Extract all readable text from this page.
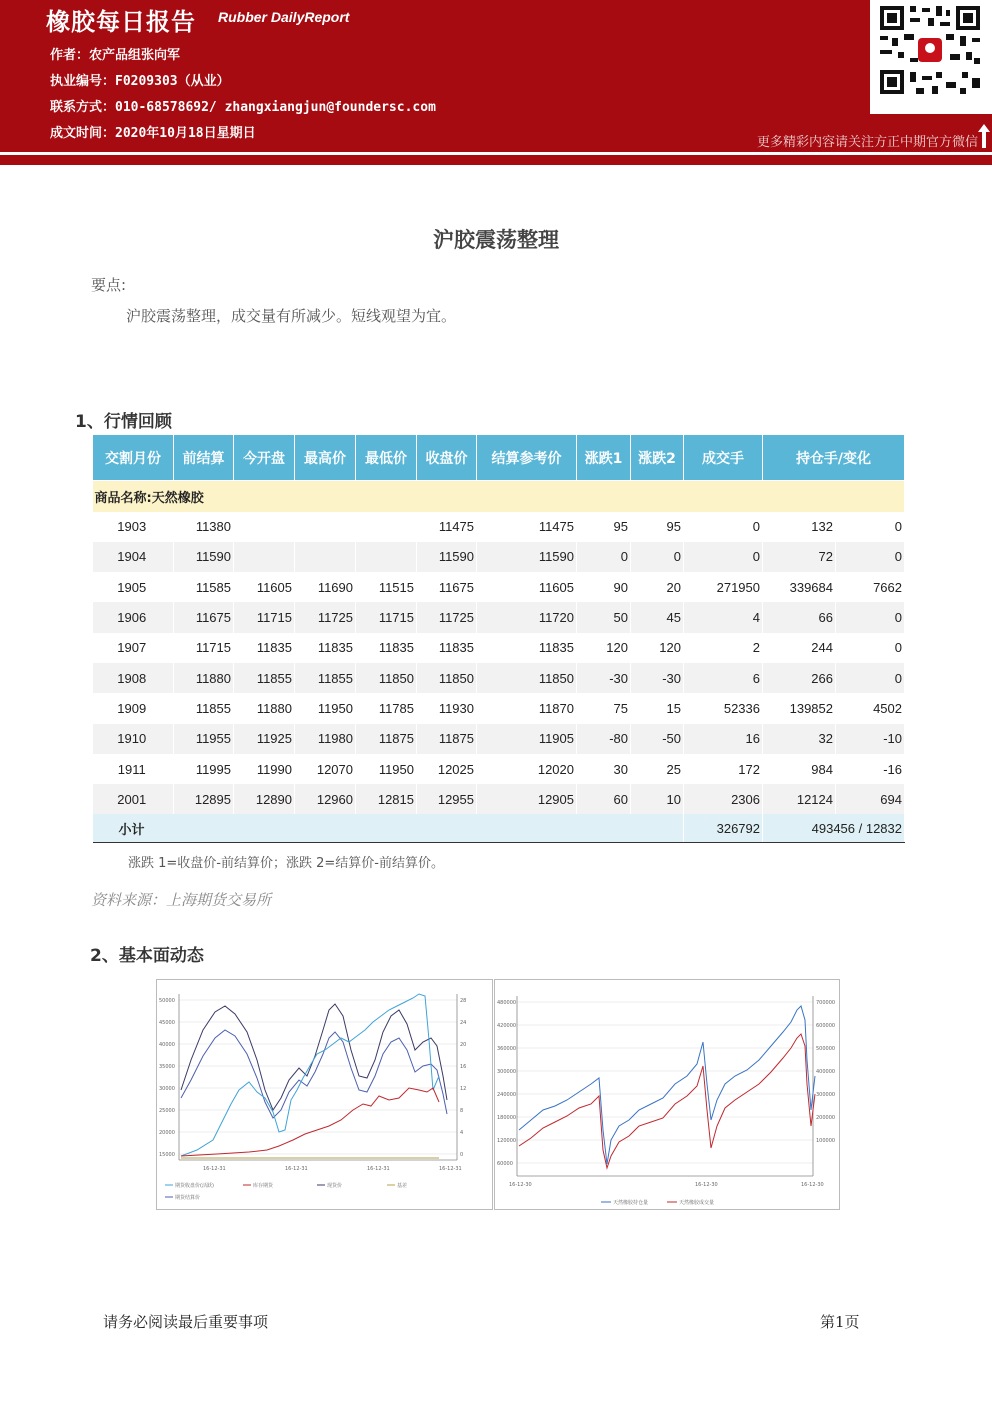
橡胶每日报告 Rubber DailyReport
作者：农产品组张向军
执业编号：F0209303（从业）
联系方式：010-68578692/ zhangxiangjun@foundersc.com
成文时间：2020年10月18日星期日
更多精彩内容请关注方正中期官方微信
沪胶震荡整理
要点:
沪胶震荡整理，成交量有所减少。短线观望为宜。
1、行情回顾
交割月份	前结算	今开盘	最高价	最低价	收盘价	结算参考价	涨跌1	涨跌2	成交手	持仓手/变化	
商品名称:天然橡胶											
1903	11380				11475	11475	95	95	0	132	0
1904	11590				11590	11590	0	0	0	72	0
1905	11585	11605	11690	11515	11675	11605	90	20	271950	339684	7662
1906	11675	11715	11725	11715	11725	11720	50	45	4	66	0
1907	11715	11835	11835	11835	11835	11835	120	120	2	244	0
1908	11880	11855	11855	11850	11850	11850	-30	-30	6	266	0
1909	11855	11880	11950	11785	11930	11870	75	15	52336	139852	4502
1910	11955	11925	11980	11875	11875	11905	-80	-50	16	32	-10
1911	11995	11990	12070	11950	12025	12020	30	25	172	984	-16
2001	12895	12890	12960	12815	12955	12905	60	10	2306	12124	694
小计									326792	493456 / 12832	
涨跌 1=收盘价-前结算价；涨跌 2=结算价-前结算价。
资料来源：上海期货交易所
2、基本面动态
50000
45000
40000
35000
30000
25000
20000
15000
28
24
20
16
12
8
4
0
16-12-31	16-12-31	16-12-31	16-12-31
期货收盘价(活跃)	库存期货	现货价	基差
期货结算价
480000
420000
360000
300000
240000
180000
120000
60000
700000
600000
500000
400000
300000
200000
100000
16-12-30	16-12-30	16-12-30
天然橡胶持仓量	天然橡胶成交量
请务必阅读最后重要事项	第1页
